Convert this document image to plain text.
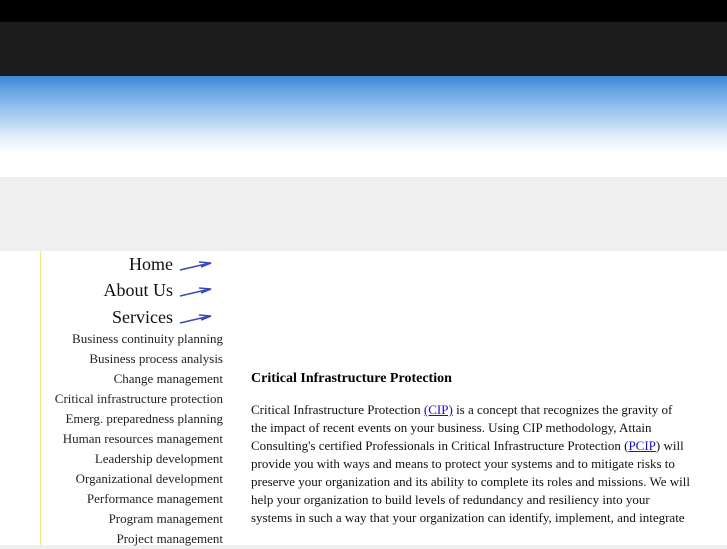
Home
About Us
Services
Business continuity planning
Business process analysis
Change management
Critical infrastructure protection
Emerg. preparedness planning
Human resources management
Leadership development
Organizational development
Performance management
Program management
Project management
Critical Infrastructure Protection

Critical Infrastructure Protection (CIP) is a concept that recognizes the gravity of the impact of recent events on your business. Using CIP methodology, Attain Consulting's certified Professionals in Critical Infrastructure Protection (PCIP) will provide you with ways and means to protect your systems and to mitigate risks to preserve your organization and its ability to complete its roles and missions. We will help your organization to build levels of redundancy and resiliency into your systems in such a way that your organization can identify, implement, and integrate
